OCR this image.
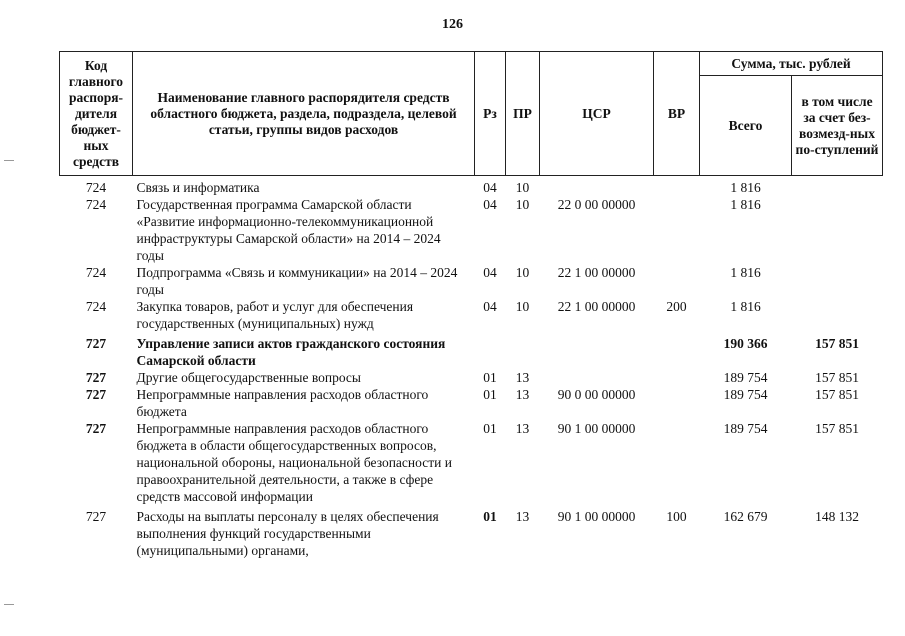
126
Код главного распоря-дителя бюджет-ных средств	Наименование главного распорядителя средств областного бюджета, раздела, подраздела, целевой статьи, группы видов расходов	Рз	ПР	ЦСР	ВР	Сумма, тыс. рублей	
						Всего	в том числе за счет без-возмезд-ных по-ступлений
724	Связь и информатика	04	10			1 816	
724	Государственная программа Самарской области «Развитие информационно-телекоммуникационной инфраструктуры Самарской области» на 2014 – 2024 годы	04	10	22 0 00 00000		1 816	
724	Подпрограмма «Связь и коммуникации» на 2014 – 2024 годы	04	10	22 1 00 00000		1 816	
724	Закупка товаров, работ и услуг для обеспечения государственных (муниципальных) нужд	04	10	22 1 00 00000	200	1 816	
727	Управление записи актов гражданского состояния Самарской области					190 366	157 851
727	Другие общегосударственные вопросы	01	13			189 754	157 851
727	Непрограммные направления расходов областного бюджета	01	13	90 0 00 00000		189 754	157 851
727	Непрограммные направления расходов областного бюджета в области общегосударственных вопросов, национальной обороны, национальной безопасности и правоохранительной деятельности, а также в сфере средств массовой информации	01	13	90 1 00 00000		189 754	157 851
727	Расходы на выплаты персоналу в целях обеспечения выполнения функций государственными (муниципальными) органами,	01	13	90 1 00 00000	100	162 679	148 132
